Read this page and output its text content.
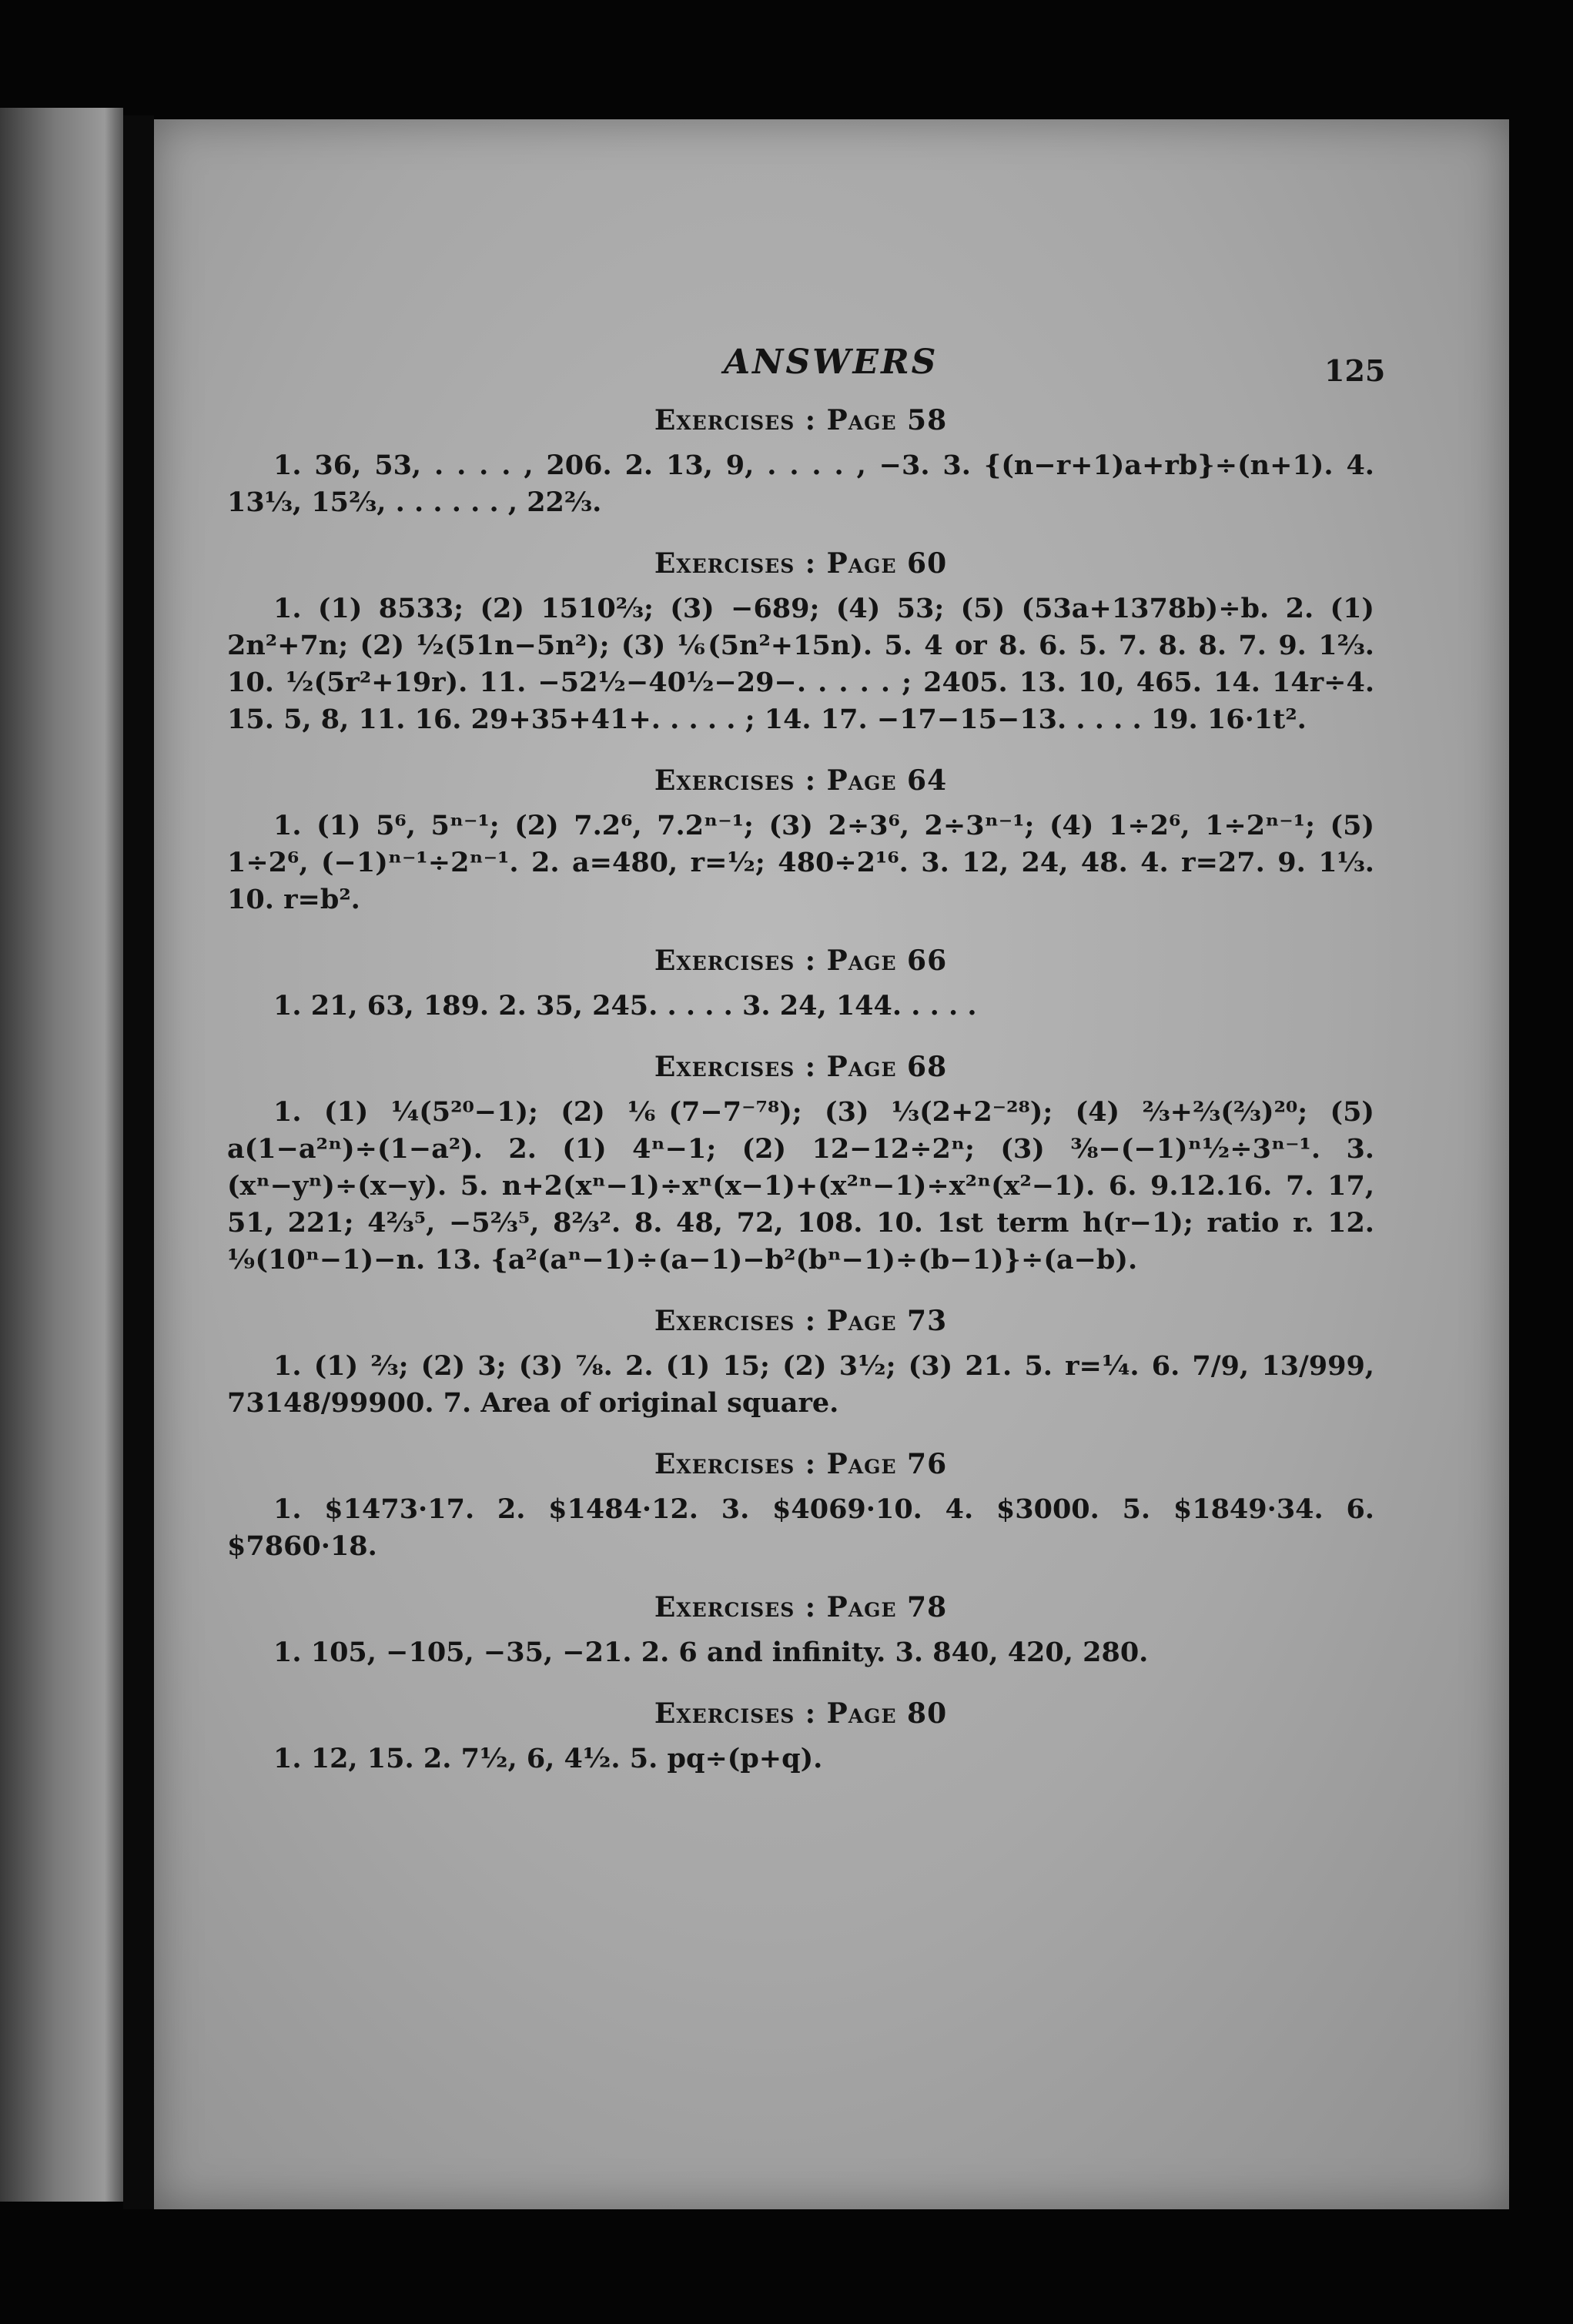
ANSWERS	125
Exercises : Page 58

1. 36, 53, . . . . , 206. 2. 13, 9, . . . . , −3. 3. {(n−r+1)a+rb}÷(n+1). 4. 13⅓, 15⅔, . . . . . . , 22⅔.

Exercises : Page 60

1. (1) 8533; (2) 1510⅔; (3) −689; (4) 53; (5) (53a+1378b)÷b. 2. (1) 2n²+7n; (2) ½(51n−5n²); (3) ⅙(5n²+15n). 5. 4 or 8. 6. 5. 7. 8. 8. 7. 9. 1⅔. 10. ½(5r²+19r). 11. −52½−40½−29−. . . . . ; 2405. 13. 10, 465. 14. 14r÷4. 15. 5, 8, 11. 16. 29+35+41+. . . . . ; 14. 17. −17−15−13. . . . . 19. 16·1t².

Exercises : Page 64

1. (1) 5⁶, 5ⁿ⁻¹; (2) 7.2⁶, 7.2ⁿ⁻¹; (3) 2÷3⁶, 2÷3ⁿ⁻¹; (4) 1÷2⁶, 1÷2ⁿ⁻¹; (5) 1÷2⁶, (−1)ⁿ⁻¹÷2ⁿ⁻¹. 2. a=480, r=½; 480÷2¹⁶. 3. 12, 24, 48. 4. r=27. 9. 1⅓. 10. r=b².

Exercises : Page 66

1. 21, 63, 189. 2. 35, 245. . . . . 3. 24, 144. . . . .

Exercises : Page 68

1. (1) ¼(5²⁰−1); (2) ⅙(7−7⁻⁷⁸); (3) ⅓(2+2⁻²⁸); (4) ⅔+⅔(⅔)²⁰; (5) a(1−a²ⁿ)÷(1−a²). 2. (1) 4ⁿ−1; (2) 12−12÷2ⁿ; (3) ⅜−(−1)ⁿ½÷3ⁿ⁻¹. 3. (xⁿ−yⁿ)÷(x−y). 5. n+2(xⁿ−1)÷xⁿ(x−1)+(x²ⁿ−1)÷x²ⁿ(x²−1). 6. 9.12.16. 7. 17, 51, 221; 4⅔⁵, −5⅔⁵, 8⅔². 8. 48, 72, 108. 10. 1st term h(r−1); ratio r. 12. ¹⁄₉(10ⁿ−1)−n. 13. {a²(aⁿ−1)÷(a−1)−b²(bⁿ−1)÷(b−1)}÷(a−b).

Exercises : Page 73

1. (1) ⅔; (2) 3; (3) ⅞. 2. (1) 15; (2) 3½; (3) 21. 5. r=¼. 6. 7/9, 13/999, 73148/99900. 7. Area of original square.

Exercises : Page 76

1. $1473·17. 2. $1484·12. 3. $4069·10. 4. $3000. 5. $1849·34. 6. $7860·18.

Exercises : Page 78

1. 105, −105, −35, −21. 2. 6 and infinity. 3. 840, 420, 280.

Exercises : Page 80

1. 12, 15. 2. 7½, 6, 4½. 5. pq÷(p+q).
